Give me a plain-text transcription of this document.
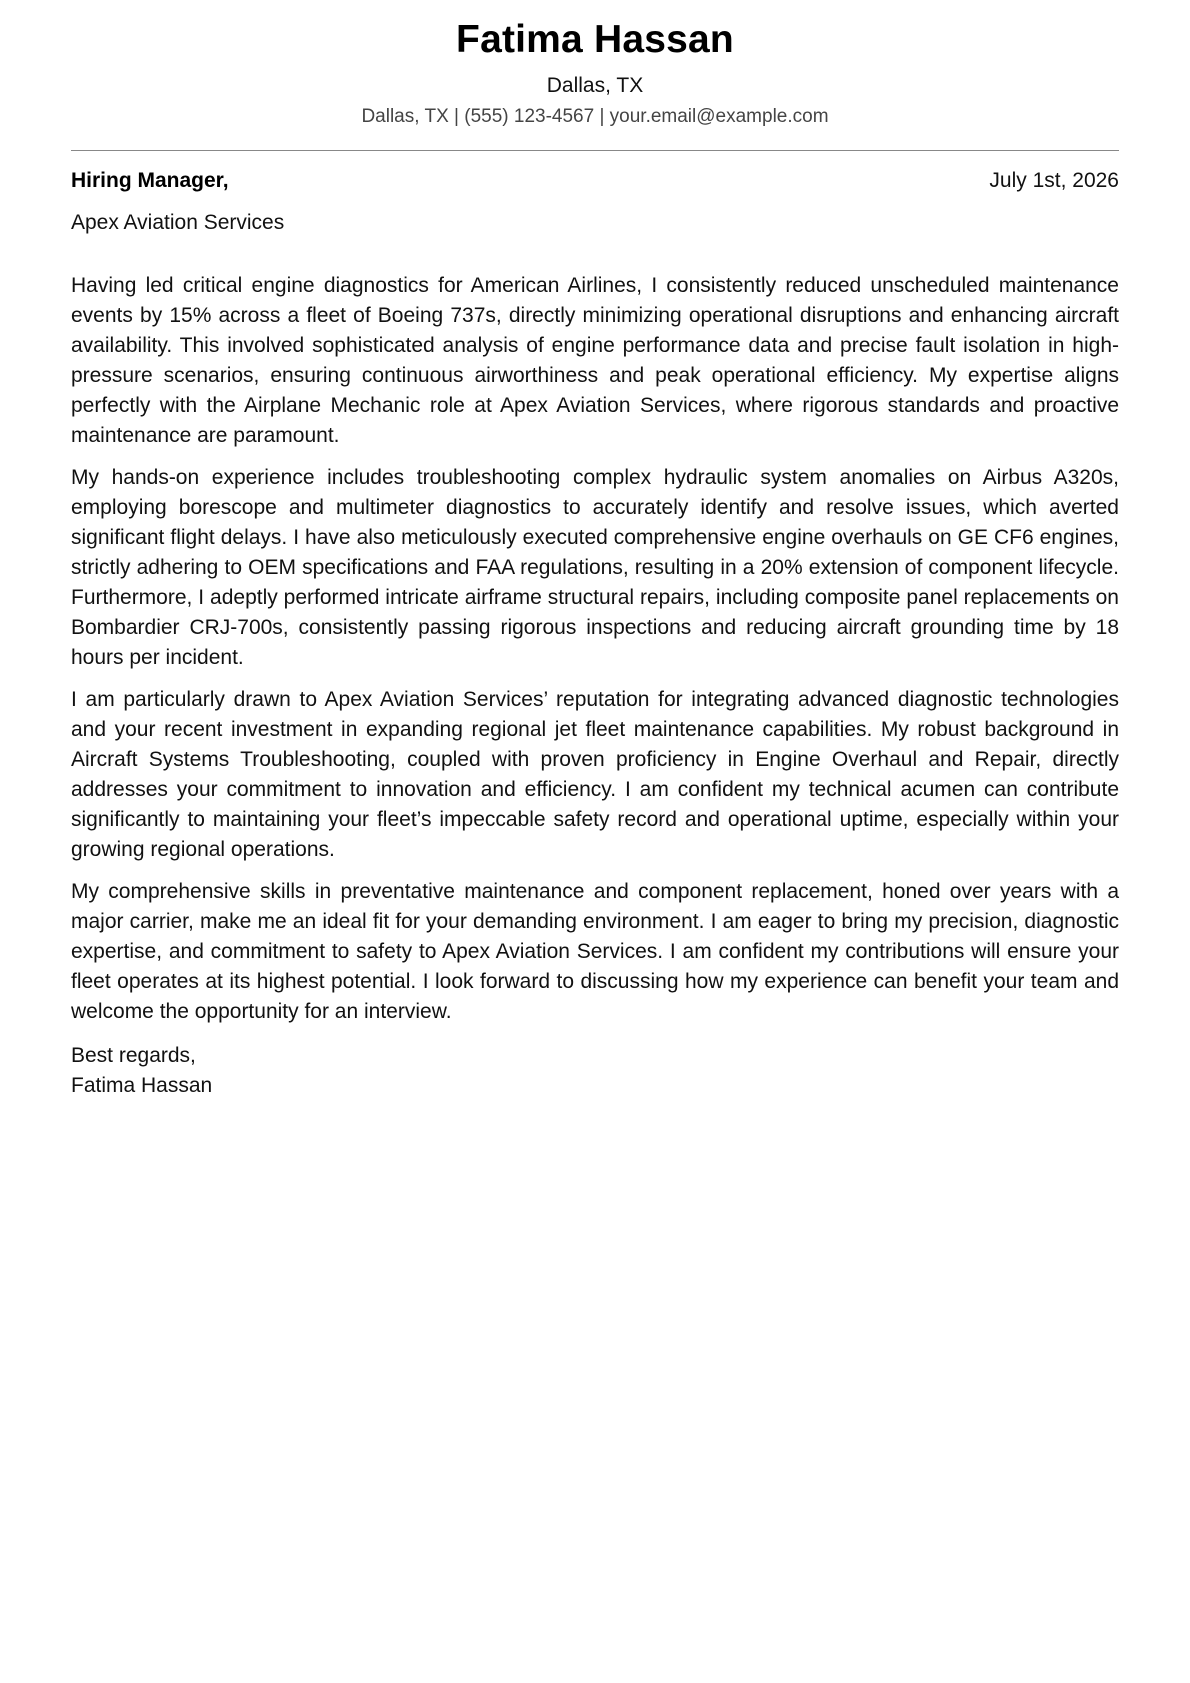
Fatima Hassan
Dallas, TX
Dallas, TX | (555) 123-4567 | your.email@example.com
Hiring Manager,	July 1st, 2026
Apex Aviation Services

Having led critical engine diagnostics for American Airlines, I consistently reduced unscheduled maintenance events by 15% across a fleet of Boeing 737s, directly minimizing operational disruptions and enhancing aircraft availability. This involved sophisticated analysis of engine performance data and precise fault isolation in high-pressure scenarios, ensuring continuous airworthiness and peak operational efficiency. My expertise aligns perfectly with the Airplane Mechanic role at Apex Aviation Services, where rigorous standards and proactive maintenance are paramount.

My hands-on experience includes troubleshooting complex hydraulic system anomalies on Airbus A320s, employing borescope and multimeter diagnostics to accurately identify and resolve issues, which averted significant flight delays. I have also meticulously executed comprehensive engine overhauls on GE CF6 engines, strictly adhering to OEM specifications and FAA regulations, resulting in a 20% extension of component lifecycle. Furthermore, I adeptly performed intricate airframe structural repairs, including composite panel replacements on Bombardier CRJ-700s, consistently passing rigorous inspections and reducing aircraft grounding time by 18 hours per incident.

I am particularly drawn to Apex Aviation Services’ reputation for integrating advanced diagnostic technologies and your recent investment in expanding regional jet fleet maintenance capabilities. My robust background in Aircraft Systems Troubleshooting, coupled with proven proficiency in Engine Overhaul and Repair, directly addresses your commitment to innovation and efficiency. I am confident my technical acumen can contribute significantly to maintaining your fleet’s impeccable safety record and operational uptime, especially within your growing regional operations.

My comprehensive skills in preventative maintenance and component replacement, honed over years with a major carrier, make me an ideal fit for your demanding environment. I am eager to bring my precision, diagnostic expertise, and commitment to safety to Apex Aviation Services. I am confident my contributions will ensure your fleet operates at its highest potential. I look forward to discussing how my experience can benefit your team and welcome the opportunity for an interview.

Best regards,
Fatima Hassan
